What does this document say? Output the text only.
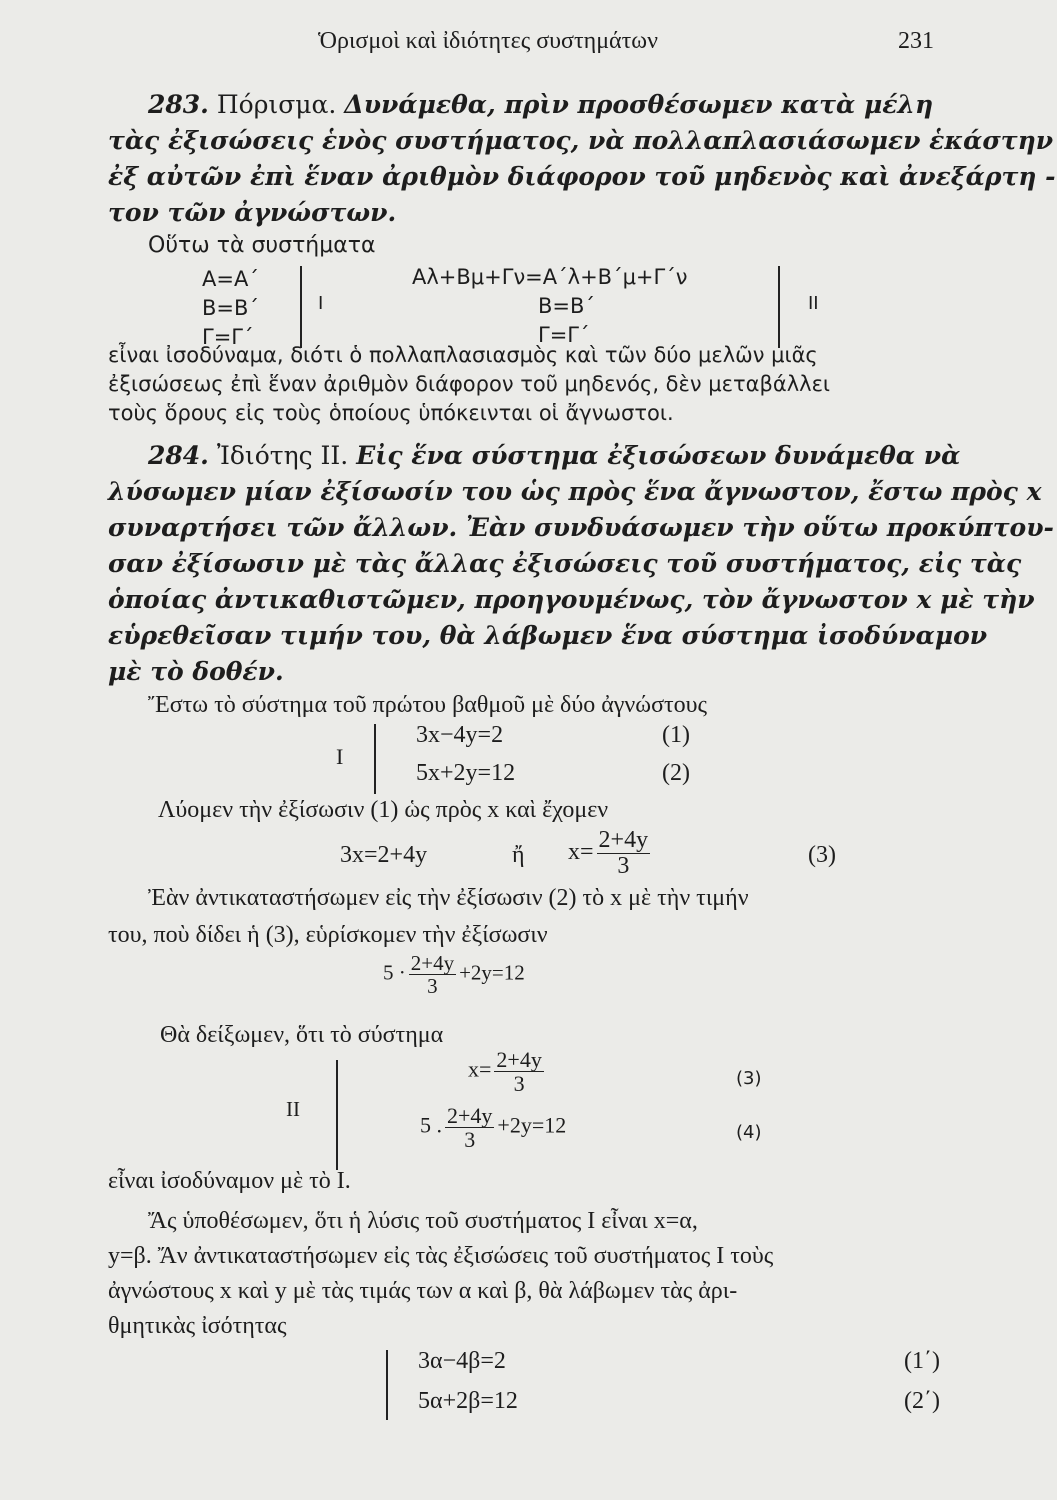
Ὁρισμοὶ καὶ ἰδιότητες συστημάτων	231
283. Πόρισμα. Δυνάμεθα, πρὶν προσθέσωμεν κατὰ μέλη
τὰς ἐξισώσεις ἑνὸς συστήματος, νὰ πολλαπλασιάσωμεν ἑκάστην
ἐξ αὐτῶν ἐπὶ ἕναν ἀριθμὸν διάφορον τοῦ μηδενὸς καὶ ἀνεξάρτη -
τον τῶν ἀγνώστων.
Οὕτω τὰ συστήματα
A=A΄
B=B΄
Γ=Γ΄
I
Aλ+Bμ+Γν=A΄λ+B΄μ+Γ΄ν
B=B΄
Γ=Γ΄
II
εἶναι ἰσοδύναμα, διότι ὁ πολλαπλασιασμὸς καὶ τῶν δύο μελῶν μιᾶς
ἐξισώσεως ἐπὶ ἕναν ἀριθμὸν διάφορον τοῦ μηδενός, δὲν μεταβάλλει
τοὺς ὅρους εἰς τοὺς ὁποίους ὑπόκεινται οἱ ἄγνωστοι.
284. Ἰδιότης II. Εἰς ἕνα σύστημα ἐξισώσεων δυνάμεθα νὰ
λύσωμεν μίαν ἐξίσωσίν του ὡς πρὸς ἕνα ἄγνωστον, ἔστω πρὸς x
συναρτήσει τῶν ἄλλων. Ἐὰν συνδυάσωμεν τὴν οὕτω προκύπτου-
σαν ἐξίσωσιν μὲ τὰς ἄλλας ἐξισώσεις τοῦ συστήματος, εἰς τὰς
ὁποίας ἀντικαθιστῶμεν, προηγουμένως, τὸν ἄγνωστον x μὲ τὴν
εὑρεθεῖσαν τιμήν του, θὰ λάβωμεν ἕνα σύστημα ἰσοδύναμον
μὲ τὸ δοθέν.
Ἔστω τὸ σύστημα τοῦ πρώτου βαθμοῦ μὲ δύο ἀγνώστους
I
3x−4y=2	(1)
5x+2y=12	(2)
Λύομεν τὴν ἐξίσωσιν (1) ὡς πρὸς x καὶ ἔχομεν
3x=2+4y	ἤ $x= \frac{2+4y}{3}$	(3)
Ἐὰν ἀντικαταστήσωμεν εἰς τὴν ἐξίσωσιν (2) τὸ x μὲ τὴν τιμήν
του, ποὺ δίδει ἡ (3), εὑρίσκομεν τὴν ἐξίσωσιν
$5 \cdot \frac{2+4y}{3} +2y=12$
Θὰ δείξωμεν, ὅτι τὸ σύστημα
II
$x= \frac{2+4y}{3}$	(3)
5 . $\frac{2+4y}{3} +2y=12$	(4)
εἶναι ἰσοδύναμον μὲ τὸ I.
Ἄς ὑποθέσωμεν, ὅτι ἡ λύσις τοῦ συστήματος I εἶναι x=α,
y=β. Ἄν ἀντικαταστήσωμεν εἰς τὰς ἐξισώσεις τοῦ συστήματος I τοὺς
ἀγνώστους x καὶ y μὲ τὰς τιμάς των α καὶ β, θὰ λάβωμεν τὰς ἀρι-
θμητικὰς ἰσότητας
3α−4β=2	(1΄)
5α+2β=12	(2΄)
